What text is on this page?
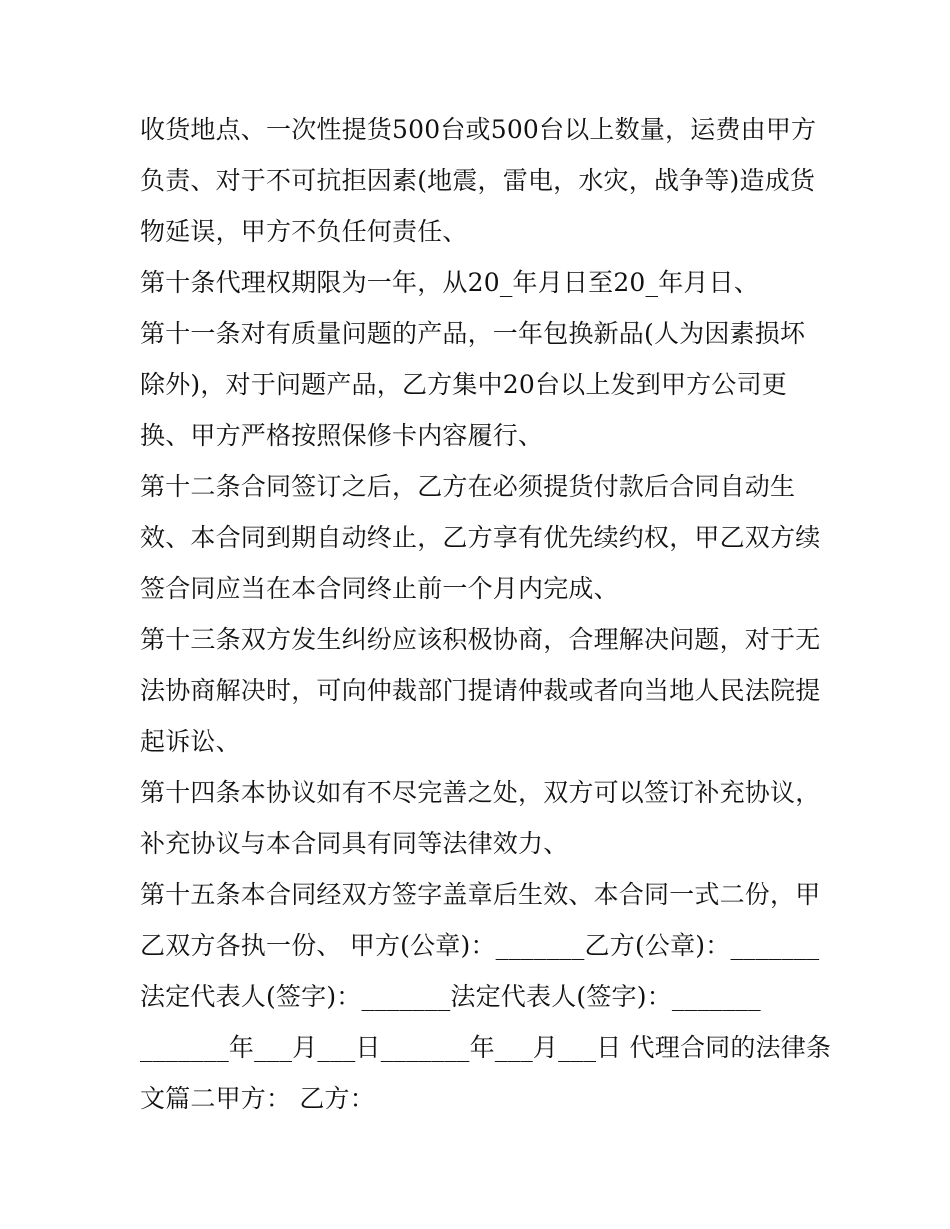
收货地点、一次性提货500台或500台以上数量，运费由甲方
负责、对于不可抗拒因素(地震，雷电，水灾，战争等)造成货
物延误，甲方不负任何责任、
第十条代理权期限为一年，从20_年月日至20_年月日、
第十一条对有质量问题的产品，一年包换新品(人为因素损坏
除外)，对于问题产品，乙方集中20台以上发到甲方公司更
换、甲方严格按照保修卡内容履行、
第十二条合同签订之后，乙方在必须提货付款后合同自动生
效、本合同到期自动终止，乙方享有优先续约权，甲乙双方续
签合同应当在本合同终止前一个月内完成、
第十三条双方发生纠纷应该积极协商，合理解决问题，对于无
法协商解决时，可向仲裁部门提请仲裁或者向当地人民法院提
起诉讼、
第十四条本协议如有不尽完善之处，双方可以签订补充协议，
补充协议与本合同具有同等法律效力、
第十五条本合同经双方签字盖章后生效、本合同一式二份，甲
乙双方各执一份、 甲方(公章)：_______乙方(公章)：_______
法定代表人(签字)：_______法定代表人(签字)：_______
_______年___月___日_______年___月___日 代理合同的法律条
文篇二甲方： 乙方：
